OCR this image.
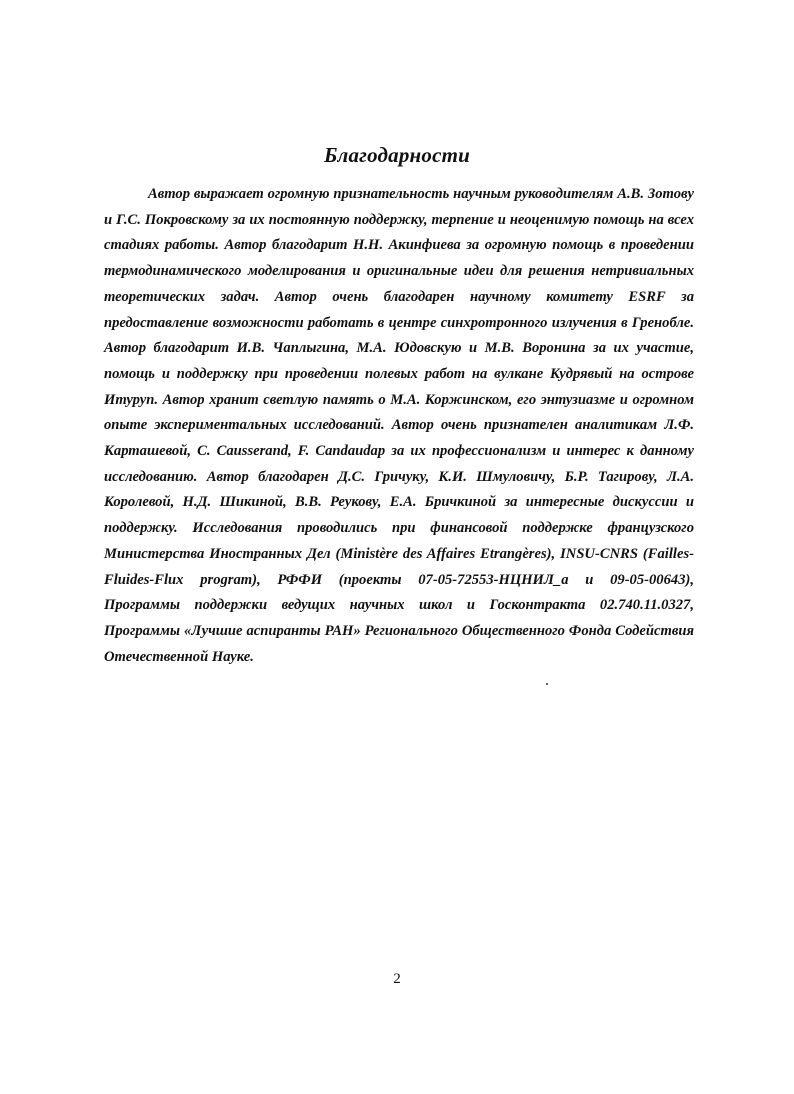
Благодарности
Автор выражает огромную признательность научным руководителям А.В. Зотову
и Г.С. Покровскому за их постоянную поддержку, терпение и неоценимую помощь на всех
стадиях работы. Автор благодарит Н.Н. Акинфиева за огромную помощь в проведении
термодинамического моделирования и оригинальные идеи для решения нетривиальных
теоретических задач. Автор очень благодарен научному комитету ESRF за
предоставление возможности работать в центре синхротронного излучения в Гренобле.
Автор благодарит И.В. Чаплыгина, М.А. Юдовскую и М.В. Воронина за их участие,
помощь и поддержку при проведении полевых работ на вулкане Кудрявый на острове
Итуруп. Автор хранит светлую память о М.А. Коржинском, его энтузиазме и огромном
опыте экспериментальных исследований. Автор очень признателен аналитикам Л.Ф.
Карташевой, C. Causserand, F. Candaudap за их профессионализм и интерес к данному
исследованию. Автор благодарен Д.С. Гричуку, К.И. Шмуловичу, Б.Р. Тагирову, Л.А.
Королевой, Н.Д. Шикиной, В.В. Реукову, Е.А. Бричкиной за интересные дискуссии и
поддержку. Исследования проводились при финансовой поддержке французского
Министерства Иностранных Дел (Ministère des Affaires Etrangères), INSU-CNRS (Failles-
Fluides-Flux program), РФФИ (проекты 07-05-72553-НЦНИЛ_а и 09-05-00643),
Программы поддержки ведущих научных школ и Госконтракта 02.740.11.0327,
Программы «Лучшие аспиранты РАН» Регионального Общественного Фонда Содействия
Отечественной Науке.
2
